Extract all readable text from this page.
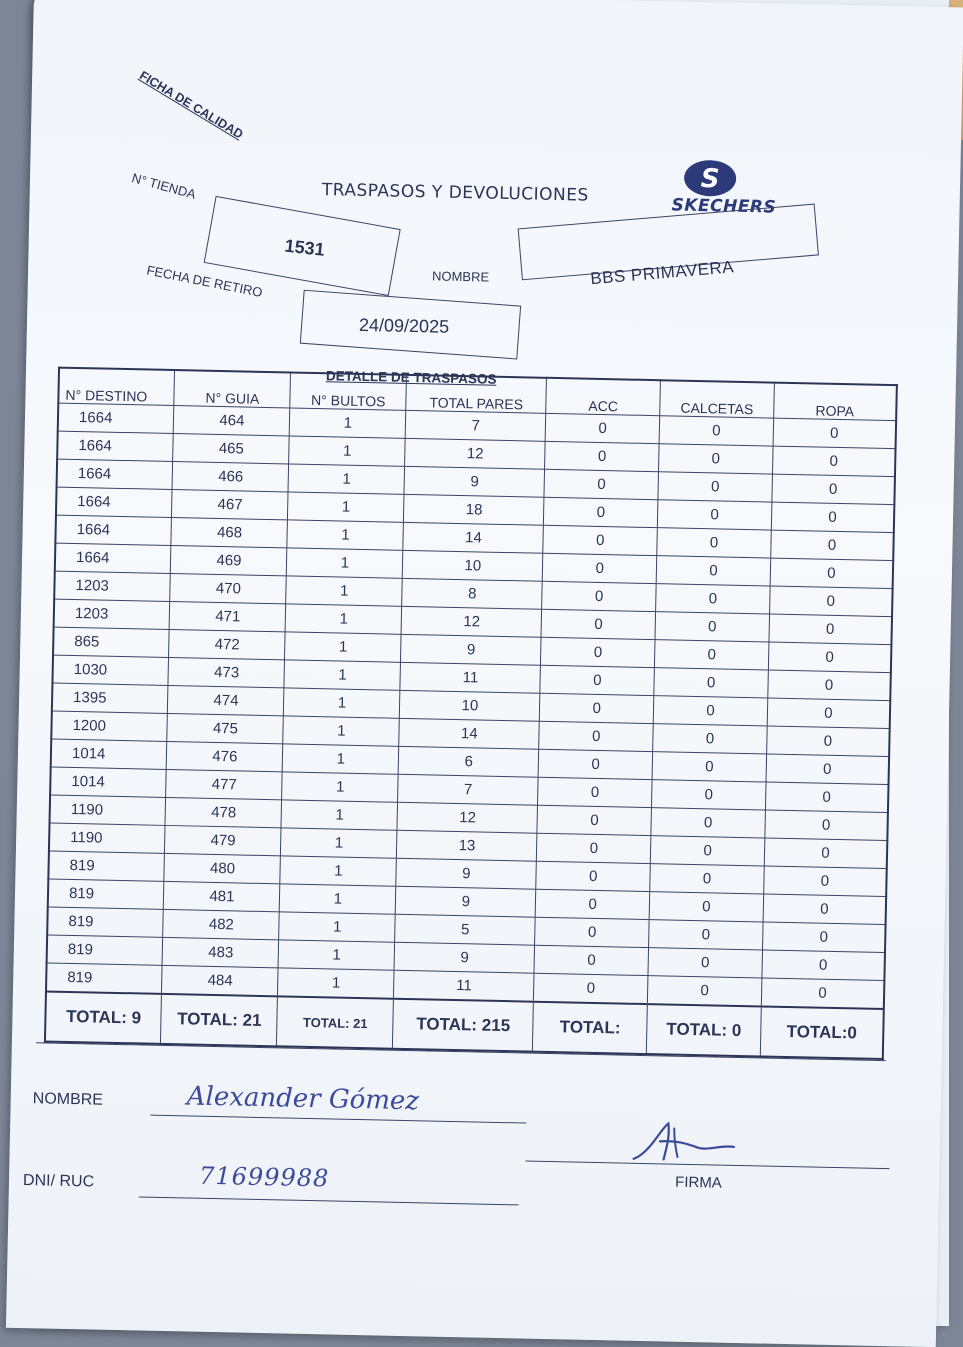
FICHA DE CALIDAD
TRASPASOS Y DEVOLUCIONES	S
SKECHERS
N° TIENDA
1531
NOMBRE	BBS PRIMAVERA
FECHA DE RETIRO
24/09/2025
DETALLE DE TRASPASOS
N° DESTINO	N° GUIA	N° BULTOS	TOTAL PARES	ACC	CALCETAS	ROPA
1664	464	1	7	0	0	0
1664	465	1	12	0	0	0
1664	466	1	9	0	0	0
1664	467	1	18	0	0	0
1664	468	1	14	0	0	0
1664	469	1	10	0	0	0
1203	470	1	8	0	0	0
1203	471	1	12	0	0	0
865	472	1	9	0	0	0
1030	473	1	11	0	0	0
1395	474	1	10	0	0	0
1200	475	1	14	0	0	0
1014	476	1	6	0	0	0
1014	477	1	7	0	0	0
1190	478	1	12	0	0	0
1190	479	1	13	0	0	0
819	480	1	9	0	0	0
819	481	1	9	0	0	0
819	482	1	5	0	0	0
819	483	1	9	0	0	0
819	484	1	11	0	0	0
TOTAL: 9	TOTAL: 21	TOTAL: 21	TOTAL: 215	TOTAL:	TOTAL: 0	TOTAL:0
NOMBRE	Alexander Gómez
DNI/ RUC	71699988	FIRMA
